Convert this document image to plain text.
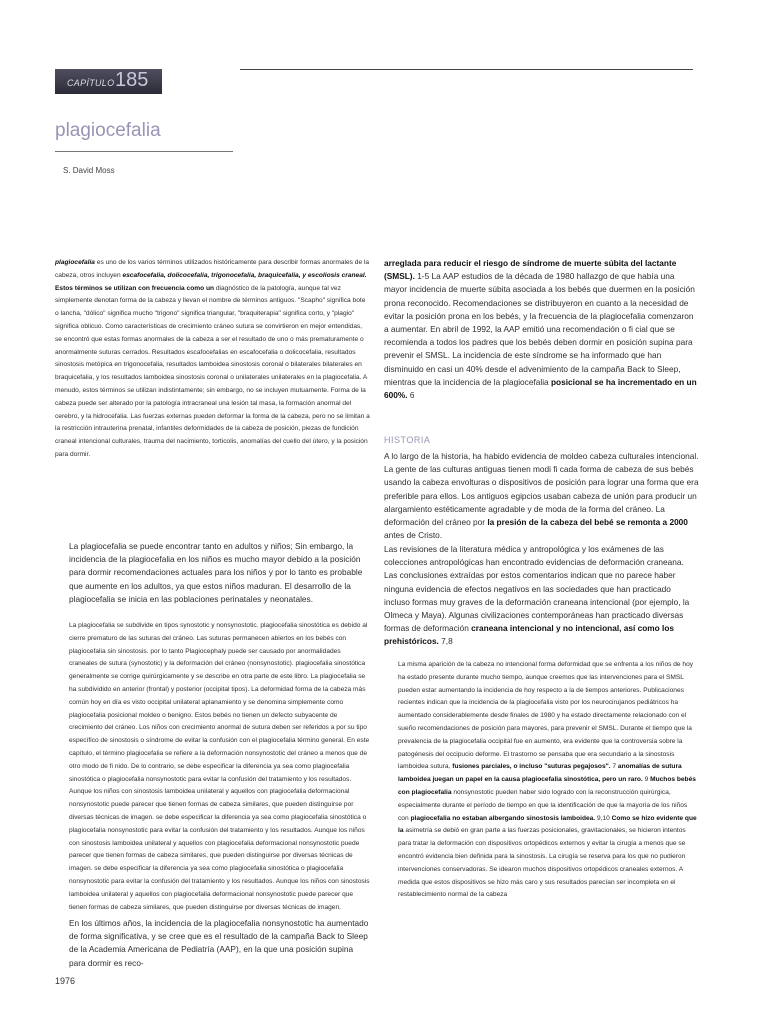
CAPÍTULO 185
plagiocefalia
S. David Moss

plagiocefalia es uno de los varios términos utilizados históricamente para describir formas anormales de la cabeza, otros incluyen escafocefalia, dolicocefalia, trigonocefalia, braquicefalia, y escoliosis craneal. Estos términos se utilizan con frecuencia como un diagnóstico de la patología, aunque tal vez simplemente denotan forma de la cabeza y llevan el nombre de términos antiguos. "Scapho" significa bote o lancha, "dólico" significa mucho "trigono" significa triangular, "braquiterapia" significa corto, y "plagio" significa oblicuo. Como características de crecimiento cráneo sutura se convirtieron en mejor entendidas, se encontró que estas formas anormales de la cabeza a ser el resultado de uno o más prematuramente o anormalmente suturas cerrados. Resultados escafocefalias en escafocefalia o dolicocefalia, resultados sinostosis metópica en trigonocefalia, resultados lamboidea sinostosis coronal o bilaterales bilaterales en braquicefalia, y los resultados lamboidea sinostosis coronal o unilaterales unilaterales en la plagiocefalia. A menudo, estos términos se utilizan indistintamente; sin embargo, no se incluyen mutuamente. Forma de la cabeza puede ser alterado por la patología intracraneal una lesión tal masa, la formación anormal del cerebro, y la hidrocefalia. Las fuerzas externas pueden deformar la forma de la cabeza, pero no se limitan a la restricción intrauterina prenatal, infantiles deformidades de la cabeza de posición, piezas de fundición craneal intencional culturales, trauma del nacimiento, torticolis, anomalías del cuello del útero, y la posición para dormir.

La plagiocefalia se puede encontrar tanto en adultos y niños; Sin embargo, la incidencia de la plagiocefalia en los niños es mucho mayor debido a la posición para dormir recomendaciones actuales para los niños y por lo tanto es probable que aumente en los adultos, ya que estos niños maduran. El desarrollo de la plagiocefalia se inicia en las poblaciones perinatales y neonatales.

La plagiocefalia se subdivide en tipos synostotic y nonsynostotic. plagiocefalia sinostótica es debido al cierre prematuro de las suturas del cráneo. Las suturas permanecen abiertos en los bebés con plagiocefalia sin sinostosis. por lo tanto Plagiocephaly puede ser causado por anormalidades craneales de sutura (synostotic) y la deformación del cráneo (nonsynostotic). plagiocefalia sinostótica generalmente se corrige quirúrgicamente y se describe en otra parte de este libro. La plagiocefalia se ha subdividido en anterior (frontal) y posterior (occipital tipos). La deformidad forma de la cabeza más común hoy en día es visto occipital unilateral aplanamiento y se denomina simplemente como plagiocefalia posicional moldeo o benigno. Estos bebés no tienen un defecto subyacente de crecimiento del cráneo. Los niños con crecimiento anormal de sutura deben ser referidos a por su tipo específico de sinostosis o síndrome de evitar la confusión con el plagiocefalia término general. En este capítulo, el término plagiocefalia se refiere a la deformación nonsynostotic del cráneo a menos que de otro modo de fi nido. De lo contrario, se debe especificar la diferencia ya sea como plagiocefalia sinostótica o plagiocefalia nonsynostotic para evitar la confusión del tratamiento y los resultados. Aunque los niños con sinostosis lamboidea unilateral y aquellos con plagiocefalia deformacional nonsynostotic puede parecer que tienen formas de cabeza similares, que pueden distinguirse por diversas técnicas de imagen. se debe especificar la diferencia ya sea como plagiocefalia sinostótica o plagiocefalia nonsynostotic para evitar la confusión del tratamiento y los resultados. Aunque los niños con sinostosis lamboidea unilateral y aquellos con plagiocefalia deformacional nonsynostotic puede parecer que tienen formas de cabeza similares, que pueden distinguirse por diversas técnicas de imagen. se debe especificar la diferencia ya sea como plagiocefalia sinostótica o plagiocefalia nonsynostotic para evitar la confusión del tratamiento y los resultados. Aunque los niños con sinostosis lamboidea unilateral y aquellos con plagiocefalia deformacional nonsynostotic puede parecer que tienen formas de cabeza similares, que pueden distinguirse por diversas técnicas de imagen.

En los últimos años, la incidencia de la plagiocefalia nonsynostotic ha aumentado de forma significativa, y se cree que es el resultado de la campaña Back to Sleep de la Academia Americana de Pediatría (AAP), en la que una posición supina para dormir es reco-

arreglada para reducir el riesgo de síndrome de muerte súbita del lactante (SMSL). 1-5 La AAP estudios de la década de 1980 hallazgo de que había una mayor incidencia de muerte súbita asociada a los bebés que duermen en la posición prona reconocido. Recomendaciones se distribuyeron en cuanto a la necesidad de evitar la posición prona en los bebés, y la frecuencia de la plagiocefalia comenzaron a aumentar. En abril de 1992, la AAP emitió una recomendación o fi cial que se recomienda a todos los padres que los bebés deben dormir en posición supina para prevenir el SMSL. La incidencia de este síndrome se ha informado que han disminuido en casi un 40% desde el advenimiento de la campaña Back to Sleep, mientras que la incidencia de la plagiocefalia posicional se ha incrementado en un 600%. 6

HISTORIA

A lo largo de la historia, ha habido evidencia de moldeo cabeza culturales intencional. La gente de las culturas antiguas tienen modi fi cada forma de cabeza de sus bebés usando la cabeza envolturas o dispositivos de posición para lograr una forma que era preferible para ellos. Los antiguos egipcios usaban cabeza de unión para producir un alargamiento estéticamente agradable y de moda de la forma del cráneo. La deformación del cráneo por la presión de la cabeza del bebé se remonta a 2000 antes de Cristo.

Las revisiones de la literatura médica y antropológica y los exámenes de las colecciones antropológicas han encontrado evidencias de deformación craneana. Las conclusiones extraídas por estos comentarios indican que no parece haber ninguna evidencia de efectos negativos en las sociedades que han practicado incluso formas muy graves de la deformación craneana intencional (por ejemplo, la Olmeca y Maya). Algunas civilizaciones contemporáneas han practicado diversas formas de deformación craneana intencional y no intencional, así como los prehistóricos. 7,8

La misma aparición de la cabeza no intencional forma deformidad que se enfrenta a los niños de hoy ha estado presente durante mucho tiempo, aunque creemos que las intervenciones para el SMSL pueden estar aumentando la incidencia de hoy respecto a la de tiempos anteriores. Publicaciones recientes indican que la incidencia de la plagiocefalia visto por los neurocirujanos pediátricos ha aumentado considerablemente desde finales de 1980 y ha estado directamente relacionado con el sueño recomendaciones de posición para mayores, para prevenir el SMSL. Durante el tiempo que la prevalencia de la plagiocefalia occipital fue en aumento, era evidente que la controversia sobre la patogénesis del occipucio deforme. El trastorno se pensaba que era secundario a la sinostosis lamboidea sutura, fusiones parciales, o incluso "suturas pegajosos". 7 anomalías de sutura lamboidea juegan un papel en la causa plagiocefalia sinostótica, pero un raro. 9 Muchos bebés con plagiocefalia nonsynostotic pueden haber sido logrado con la reconstrucción quirúrgica, especialmente durante el período de tiempo en que la identificación de que la mayoría de los niños con plagiocefalia no estaban albergando sinostosis lamboidea. 9,10 Como se hizo evidente que la asimetría se debió en gran parte a las fuerzas posicionales, gravitacionales, se hicieron intentos para tratar la deformación con dispositivos ortopédicos externos y evitar la cirugía a menos que se encontró evidencia bien definida para la sinostosis. La cirugía se reserva para los que no pudieron intervenciones conservadoras. Se idearon muchos dispositivos ortopédicos craneales externos. A medida que estos dispositivos se hizo más caro y sus resultados parecían ser incompleta en el restablecimiento normal de la cabeza

1976
